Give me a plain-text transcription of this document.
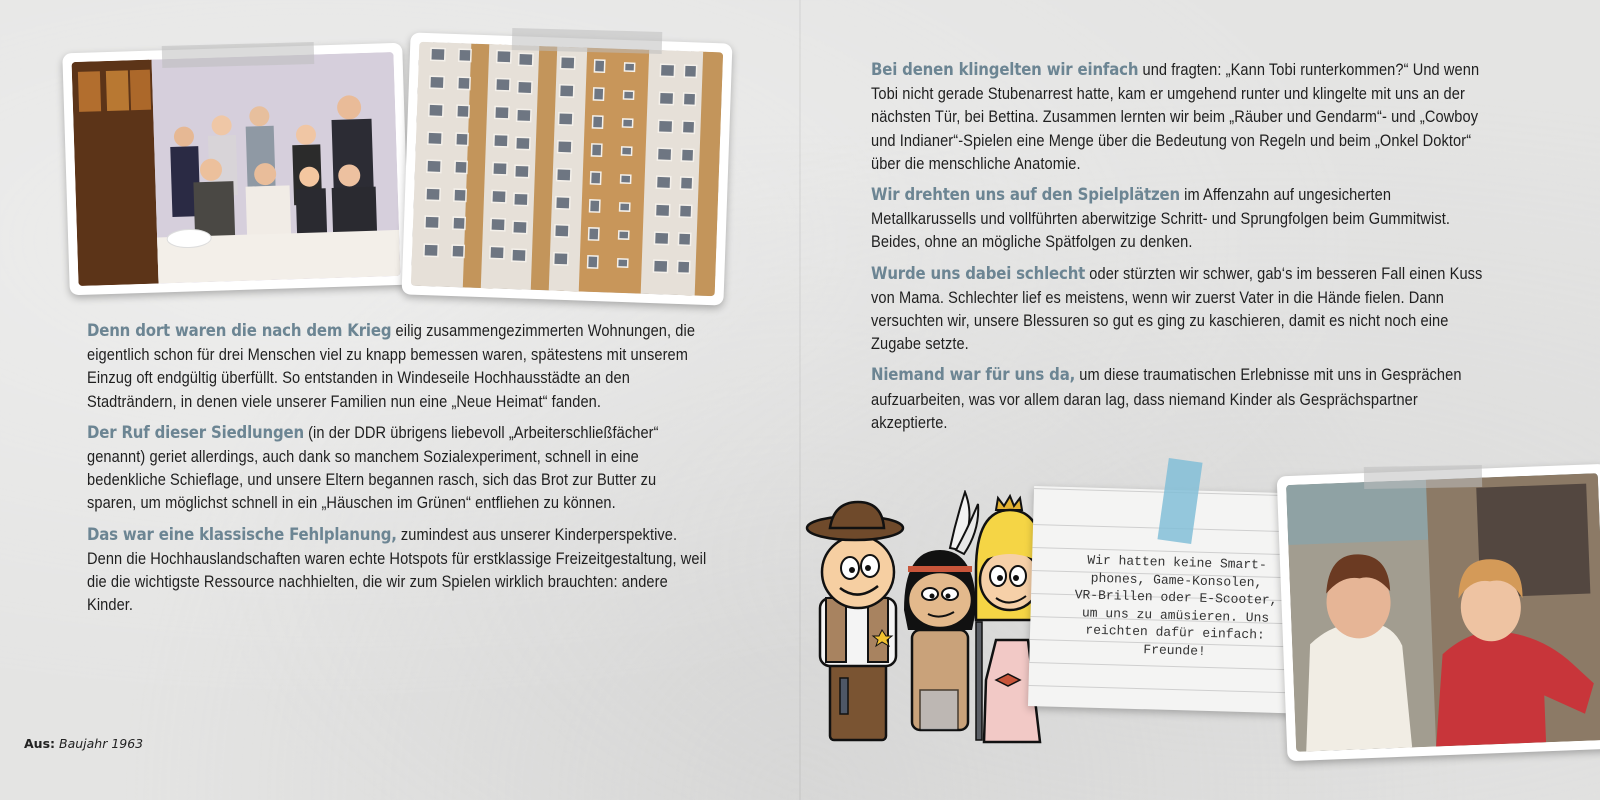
Denn dort waren die nach dem Krieg eilig zusammengezimmerten Wohnungen, die eigentlich schon für drei Menschen viel zu knapp bemessen waren, spätestens mit unserem Einzug oft endgültig überfüllt. So entstanden in Windeseile Hochhausstädte an den Stadträndern, in denen viele unserer Familien nun eine „Neue Heimat“ fanden.

Der Ruf dieser Siedlungen (in der DDR übrigens liebevoll „Arbeiterschließfächer“ genannt) geriet allerdings, auch dank so manchem Sozialexperiment, schnell in eine bedenkliche Schieflage, und unsere Eltern begannen rasch, sich das Brot zur Butter zu sparen, um möglichst schnell in ein „Häuschen im Grünen“ entfliehen zu können.

Das war eine klassische Fehlplanung, zumindest aus unserer Kinderperspektive. Denn die Hochhauslandschaften waren echte Hotspots für erstklassige Freizeitgestaltung, weil die die wichtigste Ressource nachhielten, die wir zum Spielen wirklich brauchten: andere Kinder.

Aus: Baujahr 1963

Bei denen klingelten wir einfach und fragten: „Kann Tobi runterkommen?“ Und wenn Tobi nicht gerade Stubenarrest hatte, kam er umgehend runter und klingelte mit uns an der nächsten Tür, bei Bettina. Zusammen lernten wir beim „Räuber und Gendarm“- und „Cowboy und Indianer“-Spielen eine Menge über die Bedeutung von Regeln und beim „Onkel Doktor“ über die menschliche Anatomie.

Wir drehten uns auf den Spielplätzen im Affenzahn auf ungesicherten Metallkarussells und vollführten aberwitzige Schritt- und Sprungfolgen beim Gummitwist. Beides, ohne an mögliche Spätfolgen zu denken.

Wurde uns dabei schlecht oder stürzten wir schwer, gab‘s im besseren Fall einen Kuss von Mama. Schlechter lief es meistens, wenn wir zuerst Vater in die Hände fielen. Dann versuchten wir, unsere Blessuren so gut es ging zu kaschieren, damit es nicht noch eine Zugabe setzte.

Niemand war für uns da, um diese traumatischen Erlebnisse mit uns in Gesprächen aufzuarbeiten, was vor allem daran lag, dass niemand Kinder als Gesprächspartner akzeptierte.

Wir hatten keine Smart-
phones, Game-Konsolen,
VR-Brillen oder E-Scooter,
um uns zu amüsieren. Uns
reichten dafür einfach:
Freunde!
